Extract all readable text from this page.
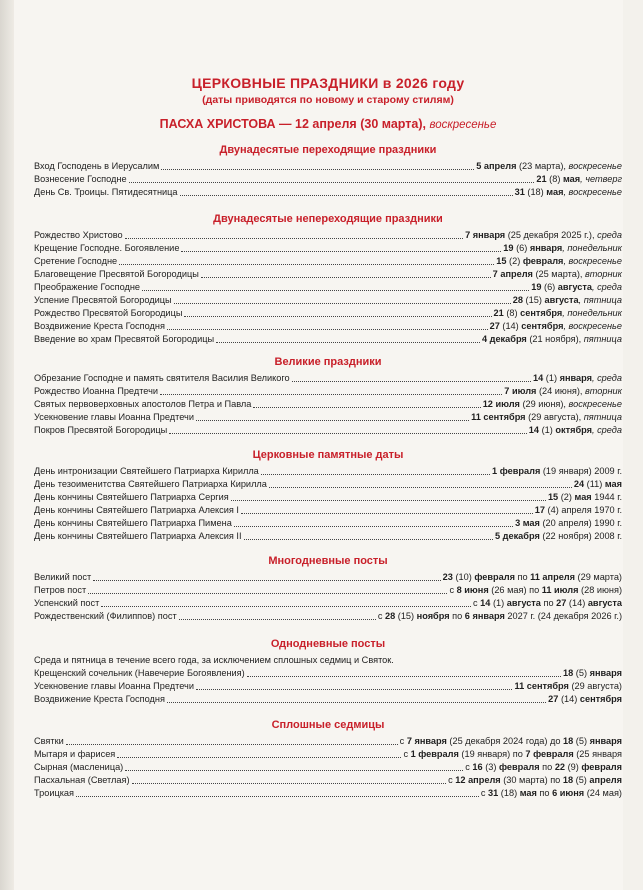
ЦЕРКОВНЫЕ ПРАЗДНИКИ в 2026 году
(даты приводятся по новому и старому стилям)
ПАСХА ХРИСТОВА — 12 апреля (30 марта), воскресенье
Двунадесятые переходящие праздники
Вход Господень в Иерусалим	5 апреля (23 марта), воскресенье
Вознесение Господне	21 (8) мая, четверг
День Св. Троицы. Пятидесятница	31 (18) мая, воскресенье
Двунадесятые непереходящие праздники
Рождество Христово	7 января (25 декабря 2025 г.), среда
Крещение Господне. Богоявление	19 (6) января, понедельник
Сретение Господне	15 (2) февраля, воскресенье
Благовещение Пресвятой Богородицы	7 апреля (25 марта), вторник
Преображение Господне	19 (6) августа, среда
Успение Пресвятой Богородицы	28 (15) августа, пятница
Рождество Пресвятой Богородицы	21 (8) сентября, понедельник
Воздвижение Креста Господня	27 (14) сентября, воскресенье
Введение во храм Пресвятой Богородицы	4 декабря (21 ноября), пятница
Великие праздники
Обрезание Господне и память святителя Василия Великого	14 (1) января, среда
Рождество Иоанна Предтечи	7 июля (24 июня), вторник
Святых первоверховных апостолов Петра и Павла	12 июля (29 июня), воскресенье
Усекновение главы Иоанна Предтечи	11 сентября (29 августа), пятница
Покров Пресвятой Богородицы	14 (1) октября, среда
Церковные памятные даты
День интронизации Святейшего Патриарха Кирилла	1 февраля (19 января) 2009 г.
День тезоименитства Святейшего Патриарха Кирилла	24 (11) мая
День кончины Святейшего Патриарха Сергия	15 (2) мая 1944 г.
День кончины Святейшего Патриарха Алексия I	17 (4) апреля 1970 г.
День кончины Святейшего Патриарха Пимена	3 мая (20 апреля) 1990 г.
День кончины Святейшего Патриарха Алексия II	5 декабря (22 ноября) 2008 г.
Многодневные посты
Великий пост	23 (10) февраля по 11 апреля (29 марта)
Петров пост	с 8 июня (26 мая) по 11 июля (28 июня)
Успенский пост	с 14 (1) августа по 27 (14) августа
Рождественский (Филиппов) пост	с 28 (15) ноября по 6 января 2027 г. (24 декабря 2026 г.)
Однодневные посты
Среда и пятница в течение всего года, за исключением сплошных седмиц и Святок.
Крещенский сочельник (Навечерие Богоявления)	18 (5) января
Усекновение главы Иоанна Предтечи	11 сентября (29 августа)
Воздвижение Креста Господня	27 (14) сентября
Сплошные седмицы
Святки	с 7 января (25 декабря 2024 года) до 18 (5) января
Мытаря и фарисея	с 1 февраля (19 января) по 7 февраля (25 января
Сырная (масленица)	с 16 (3) февраля по 22 (9) февраля
Пасхальная (Светлая)	с 12 апреля (30 марта) по 18 (5) апреля
Троицкая	с 31 (18) мая по 6 июня (24 мая)
